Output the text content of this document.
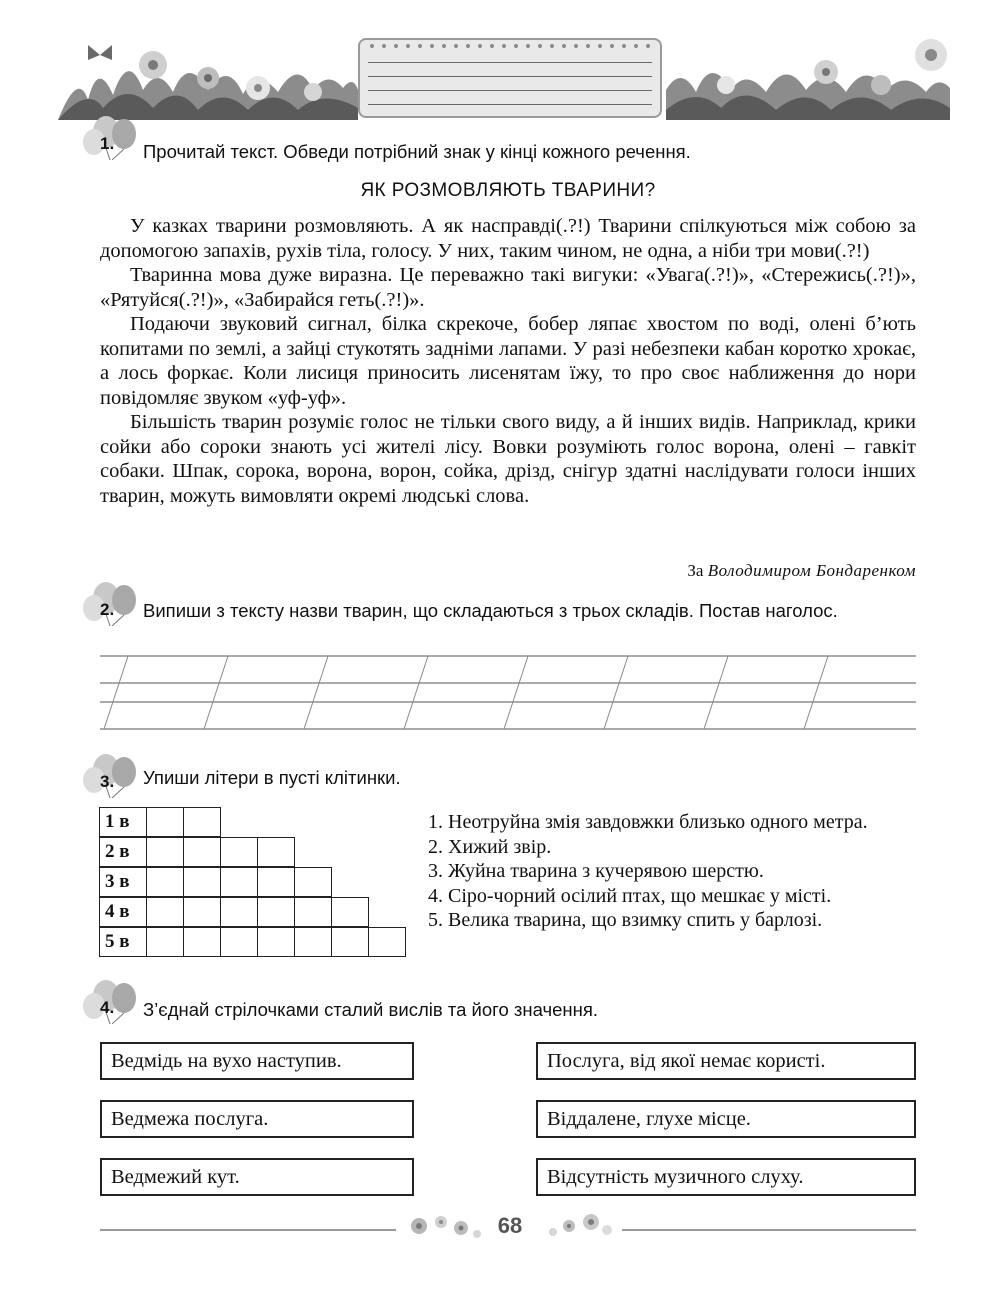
1. Прочитай текст. Обведи потрібний знак у кінці кожного речення.
ЯК РОЗМОВЛЯЮТЬ ТВАРИНИ?

У казках тварини розмовляють. А як насправді(.?!) Тварини спілкуються між собою за допомогою запахів, рухів тіла, голосу. У них, таким чином, не одна, а ніби три мови(.?!)

Тваринна мова дуже виразна. Це переважно такі вигуки: «Увага(.?!)», «Стережись(.?!)», «Рятуйся(.?!)», «Забирайся геть(.?!)».

Подаючи звуковий сигнал, білка скрекоче, бобер ляпає хвостом по воді, олені б’ють копитами по землі, а зайці стукотять задніми лапами. У разі небезпеки кабан коротко хрокає, а лось форкає. Коли лисиця приносить лисенятам їжу, то про своє наближення до нори повідомляє звуком «уф-уф».

Більшість тварин розуміє голос не тільки свого виду, а й інших видів. Наприклад, крики сойки або сороки знають усі жителі лісу. Вовки розуміють голос ворона, олені – гавкіт собаки. Шпак, сорока, ворона, ворон, сойка, дрізд, снігур здатні наслідувати голоси інших тварин, можуть вимовляти окремі людські слова.

За Володимиром Бондаренком
2. Випиши з тексту назви тварин, що складаються з трьох складів. Постав наголос.
3. Упиши літери в пусті клітинки.
1 в
2 в
3 в
4 в
5 в
1. Неотруйна змія завдовжки близько одного метра.
2. Хижий звір.
3. Жуйна тварина з кучерявою шерстю.
4. Сіро-чорний осілий птах, що мешкає у місті.
5. Велика тварина, що взимку спить у барлозі.
4. З’єднай стрілочками сталий вислів та його значення.
Ведмідь на вухо наступив.
Ведмежа послуга.
Ведмежий кут.
Послуга, від якої немає користі.
Віддалене, глухе місце.
Відсутність музичного слуху.
68
